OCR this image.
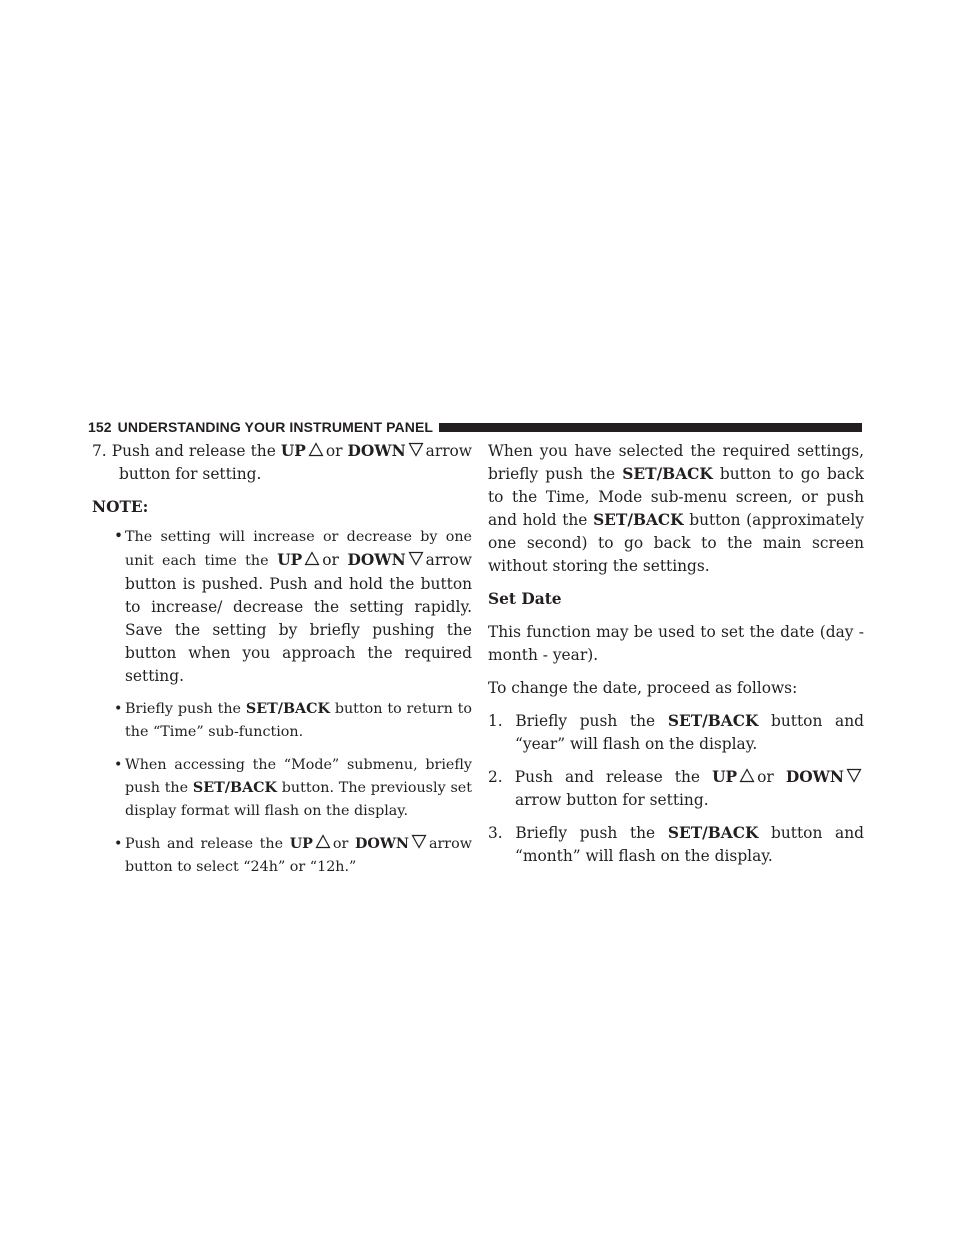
152 UNDERSTANDING YOUR INSTRUMENT PANEL

7. Push and release the UP or DOWN arrow button for setting.

NOTE:

• The setting will increase or decrease by one unit each time the UP or DOWN arrow button is pushed. Push and hold the button to increase/ decrease the setting rapidly. Save the setting by briefly pushing the button when you approach the required setting.

• Briefly push the SET/BACK button to return to the “Time” sub-function.

• When accessing the “Mode” submenu, briefly push the SET/BACK button. The previously set display format will flash on the display.

• Push and release the UP or DOWN arrow button to select “24h” or “12h.”

When you have selected the required settings, briefly push the SET/BACK button to go back to the Time, Mode sub-menu screen, or push and hold the SET/BACK button (approximately one second) to go back to the main screen without storing the settings.

Set Date

This function may be used to set the date (day - month - year).

To change the date, proceed as follows:

1. Briefly push the SET/BACK button and “year” will flash on the display.

2. Push and release the UP or DOWNarrow button for setting.

3. Briefly push the SET/BACK button and “month” will flash on the display.
